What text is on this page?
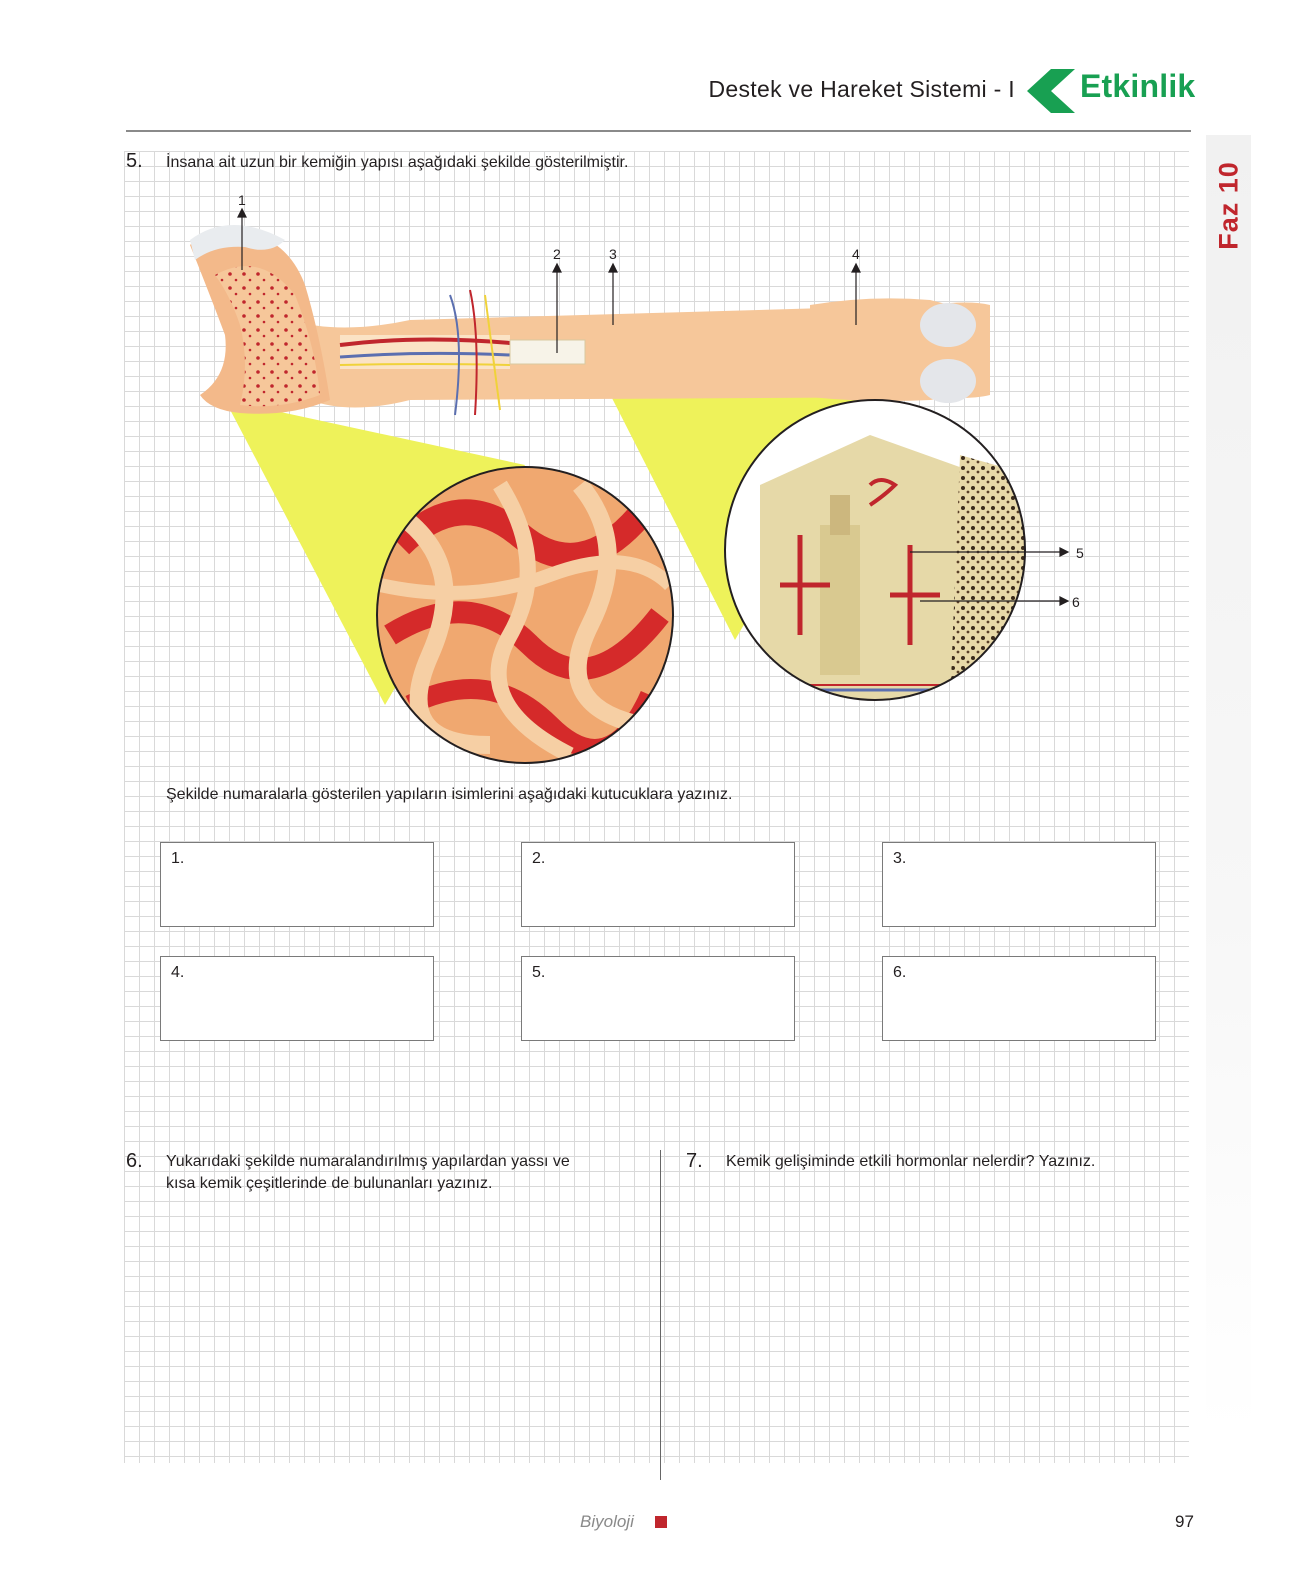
Faz 10
Destek ve Hareket Sistemi - I Etkinlik
5. İnsana ait uzun bir kemiğin yapısı aşağıdaki şekilde gösterilmiştir.
1
2	3	4
5
6
Şekilde numaralarla gösterilen yapıların isimlerini aşağıdaki kutucuklara yazınız.
1.	2.	3.
4.	5.	6.
6. Yukarıdaki şekilde numaralandırılmış yapılardan yassı ve
kısa kemik çeşitlerinde de bulunanları yazınız.
7. Kemik gelişiminde etkili hormonlar nelerdir? Yazınız.
Biyoloji	97
